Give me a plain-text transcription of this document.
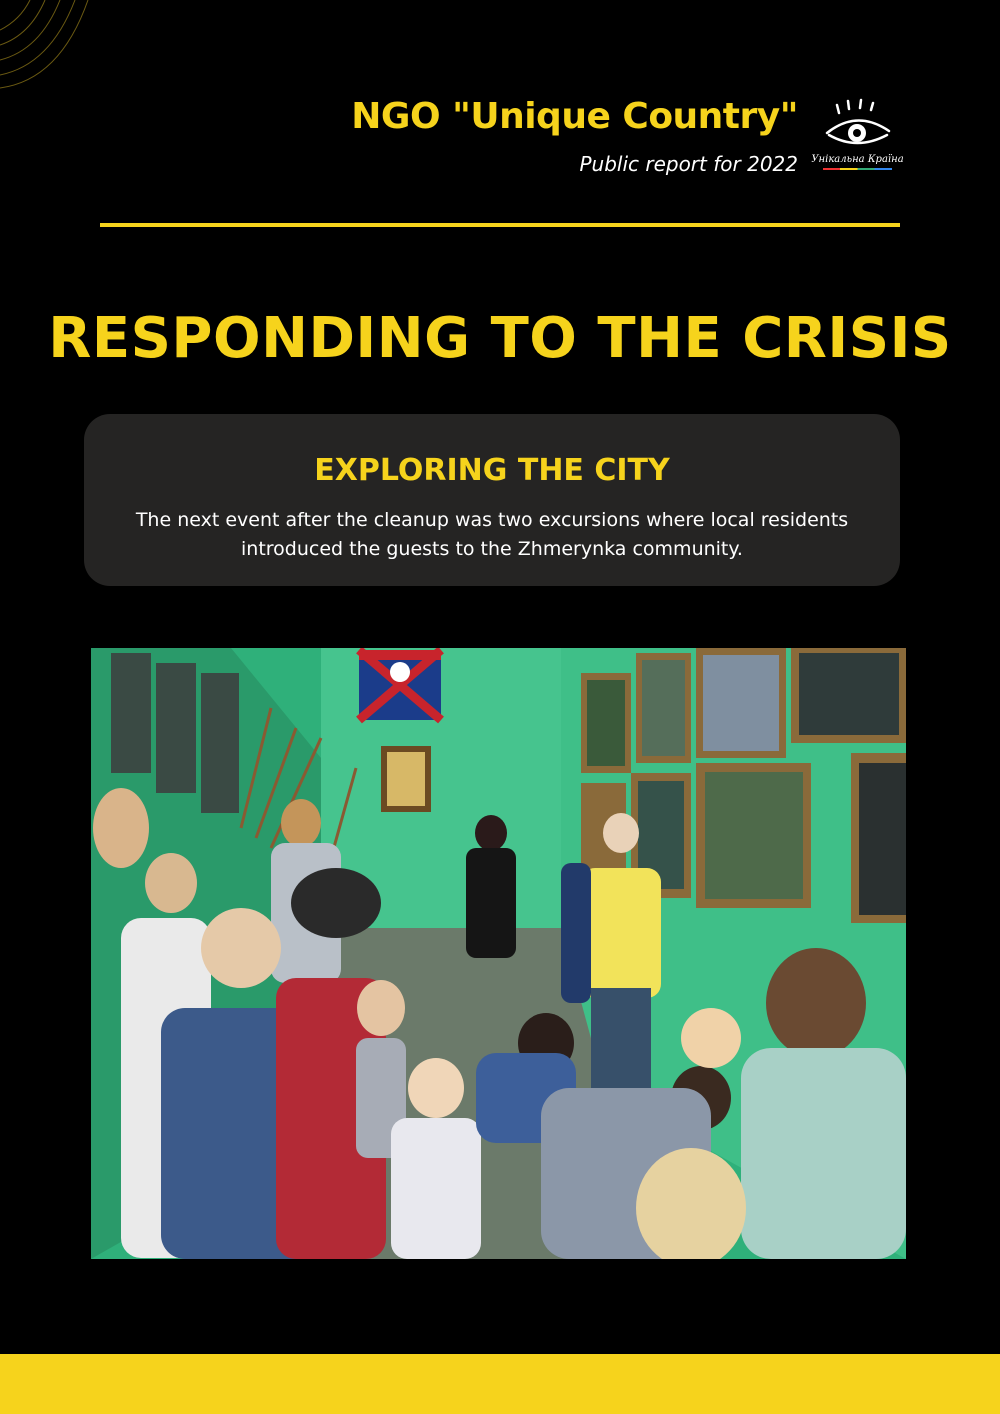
NGO "Unique Country"
Public report for 2022	Унікальна Країна
RESPONDING TO THE CRISIS
EXPLORING THE CITY
The next event after the cleanup was two excursions where local residents introduced the guests to the Zhmerynka community.
